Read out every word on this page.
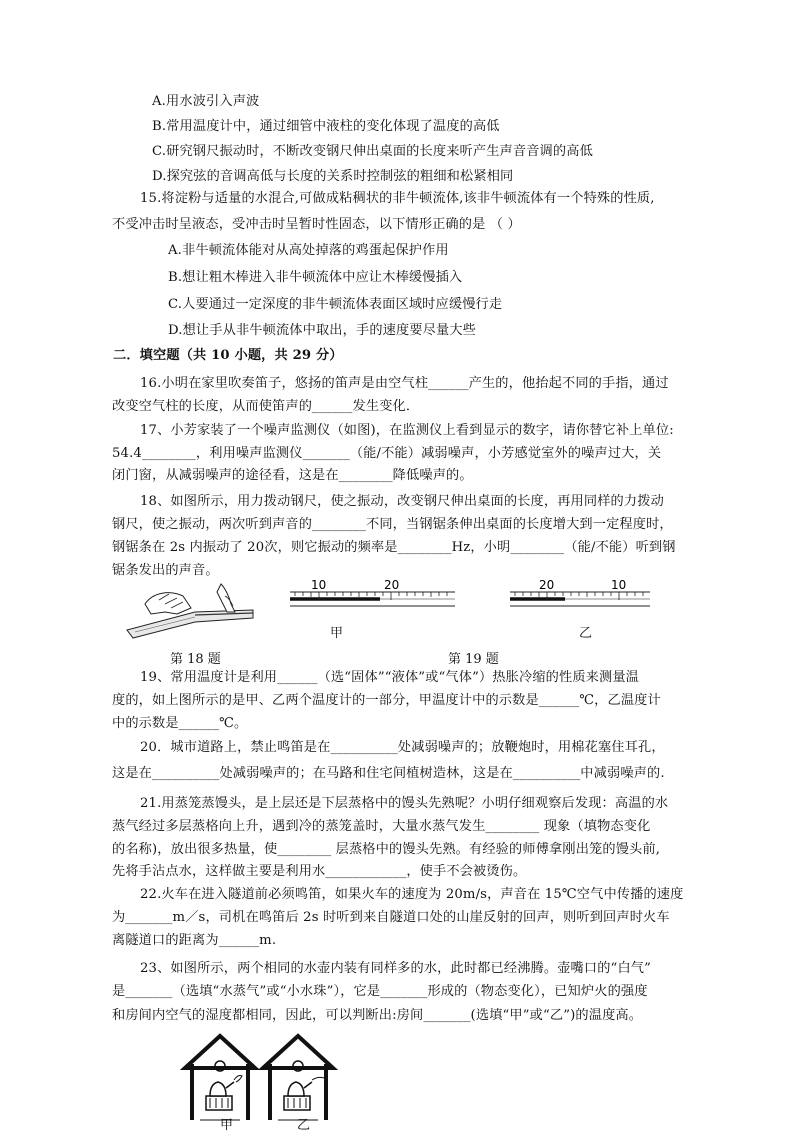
A.用水波引入声波
B.常用温度计中，通过细管中液柱的变化体现了温度的高低
C.研究钢尺振动时，不断改变钢尺伸出桌面的长度来听产生声音音调的高低
D.探究弦的音调高低与长度的关系时控制弦的粗细和松紧相同
15.将淀粉与适量的水混合,可做成粘稠状的非牛顿流体,该非牛顿流体有一个特殊的性质,
不受冲击时呈液态，受冲击时呈暂时性固态，以下情形正确的是 （ ）
A.非牛顿流体能对从高处掉落的鸡蛋起保护作用
B.想让粗木棒进入非牛顿流体中应让木棒缓慢插入
C.人要通过一定深度的非牛顿流体表面区域时应缓慢行走
D.想让手从非牛顿流体中取出，手的速度要尽量大些
二．填空题（共 10 小题，共 29 分）
16.小明在家里吹奏笛子，悠扬的笛声是由空气柱______产生的，他抬起不同的手指，通过
改变空气柱的长度，从而使笛声的______发生变化．
17、小芳家装了一个噪声监测仪（如图)，在监测仪上看到显示的数字，请你替它补上单位:
54.4________，利用噪声监测仪_______（能/不能）减弱噪声，小芳感觉室外的噪声过大，关
闭门窗，从减弱噪声的途径看，这是在________降低噪声的。
18、如图所示，用力拨动钢尺，使之振动，改变钢尺伸出桌面的长度，再用同样的力拨动
钢尺，使之振动，两次听到声音的________不同，当钢锯条伸出桌面的长度增大到一定程度时，
钢锯条在 2s 内振动了 20次，则它振动的频率是________Hz，小明________（能/不能）听到钢
锯条发出的声音。
第 18 题
10	20
甲
20	10
乙
第 19 题
19、常用温度计是利用______（选“固体”“液体”或“气体”）热胀冷缩的性质来测量温
度的，如上图所示的是甲、乙两个温度计的一部分，甲温度计中的示数是______℃，乙温度计
中的示数是______℃。
20．城市道路上，禁止鸣笛是在__________处减弱噪声的；放鞭炮时，用棉花塞住耳孔，
这是在__________处减弱噪声的；在马路和住宅间植树造林，这是在__________中减弱噪声的.
21.用蒸笼蒸馒头，是上层还是下层蒸格中的馒头先熟呢？小明仔细观察后发现：高温的水
蒸气经过多层蒸格向上升，遇到冷的蒸笼盖时，大量水蒸气发生________ 现象（填物态变化
的名称)，放出很多热量，使________ 层蒸格中的馒头先熟。有经验的师傅拿刚出笼的馒头前,
先将手沾点水，这样做主要是利用水____________，使手不会被烫伤。
22.火车在进入隧道前必须鸣笛，如果火车的速度为 20m/s，声音在 15℃空气中传播的速度
为_______m／s，司机在鸣笛后 2s 时听到来自隧道口处的山崖反射的回声，则听到回声时火车
离隧道口的距离为______m.
23、如图所示，两个相同的水壶内装有同样多的水，此时都已经沸腾。壶嘴口的“白气”
是_______（选填“水蒸气”或“小水珠”），它是_______形成的（物态变化），已知炉火的强度
和房间内空气的湿度都相同，因此，可以判断出:房间_______(选填“甲”或“乙”)的温度高。
甲	乙
